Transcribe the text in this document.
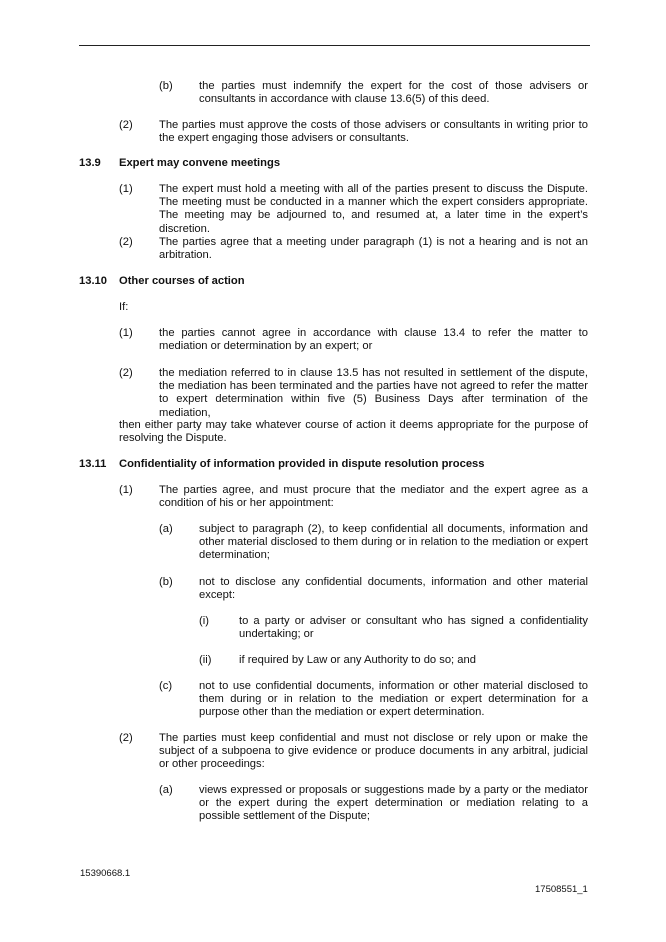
(b) the parties must indemnify the expert for the cost of those advisers or consultants in accordance with clause 13.6(5) of this deed.
(2) The parties must approve the costs of those advisers or consultants in writing prior to the expert engaging those advisers or consultants.
13.9 Expert may convene meetings
(1) The expert must hold a meeting with all of the parties present to discuss the Dispute. The meeting must be conducted in a manner which the expert considers appropriate. The meeting may be adjourned to, and resumed at, a later time in the expert’s discretion.
(2) The parties agree that a meeting under paragraph (1) is not a hearing and is not an arbitration.
13.10 Other courses of action
If:
(1) the parties cannot agree in accordance with clause 13.4 to refer the matter to mediation or determination by an expert; or
(2) the mediation referred to in clause 13.5 has not resulted in settlement of the dispute, the mediation has been terminated and the parties have not agreed to refer the matter to expert determination within five (5) Business Days after termination of the mediation,
then either party may take whatever course of action it deems appropriate for the purpose of resolving the Dispute.
13.11 Confidentiality of information provided in dispute resolution process
(1) The parties agree, and must procure that the mediator and the expert agree as a condition of his or her appointment:
(a) subject to paragraph (2), to keep confidential all documents, information and other material disclosed to them during or in relation to the mediation or expert determination;
(b) not to disclose any confidential documents, information and other material except:
(i)	to a party or adviser or consultant who has signed a confidentiality undertaking; or
(ii) if required by Law or any Authority to do so; and
(c) not to use confidential documents, information or other material disclosed to them during or in relation to the mediation or expert determination for a purpose other than the mediation or expert determination.
(2) The parties must keep confidential and must not disclose or rely upon or make the subject of a subpoena to give evidence or produce documents in any arbitral, judicial or other proceedings:
(a) views expressed or proposals or suggestions made by a party or the mediator or the expert during the expert determination or mediation relating to a possible settlement of the Dispute;
15390668.1
17508551_1
